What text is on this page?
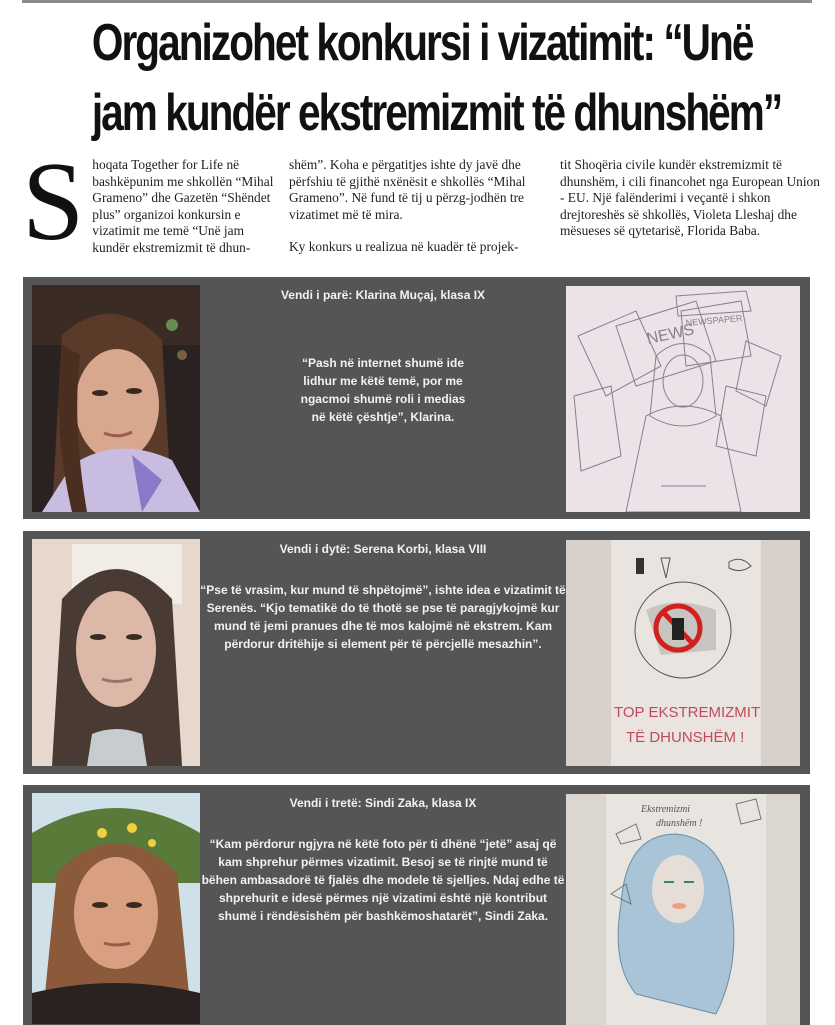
Organizohet konkursi i vizatimit: “Unë
jam kundër ekstremizmit të dhunshëm”
S hoqata Together for Life në bashkëpunim me shkollën “Mihal Grameno” dhe Gazetën “Shëndet plus” organizoi konkursin e vizatimit me temë “Unë jam kundër ekstremizmit të dhun-

shëm”. Koha e përgatitjes ishte dy javë dhe përfshiu të gjithë nxënësit e shkollës “Mihal Grameno”. Në fund të tij u përzg-jodhën tre vizatimet më të mira.

Ky konkurs u realizua në kuadër të projek-

tit Shoqëria civile kundër ekstremizmit të dhunshëm, i cili financohet nga European Union - EU. Një falënderimi i veçantë i shkon drejtoreshës së shkollës, Violeta Lleshaj dhe mësueses së qytetarisë, Florida Baba.
Vendi i parë: Klarina Muçaj, klasa IX
“Pash në internet shumë ide lidhur me këtë temë, por me ngacmoi shumë roli i medias në këtë çështje”, Klarina.
NEWS
NEWSPAPER
Vendi i dytë: Serena Korbi, klasa VIII
“Pse të vrasim, kur mund të shpëtojmë”, ishte idea e vizatimit të Serenës. “Kjo tematikë do të thotë se pse të paragjykojmë kur mund të jemi pranues dhe të mos kalojmë në ekstrem. Kam përdorur dritëhije si element për të përcjellë mesazhin”.
TOP EKSTREMIZMIT
TË DHUNSHËM !
Vendi i tretë: Sindi Zaka, klasa IX
“Kam përdorur ngjyra në këtë foto për ti dhënë “jetë” asaj që kam shprehur përmes vizatimit. Besoj se të rinjtë mund të bëhen ambasadorë të fjalës dhe modele të sjelljes. Ndaj edhe të shprehurit e idesë përmes një vizatimi është një kontribut shumë i rëndësishëm për bashkëmoshatarët”, Sindi Zaka.
Ekstremizmi
dhunshëm !
